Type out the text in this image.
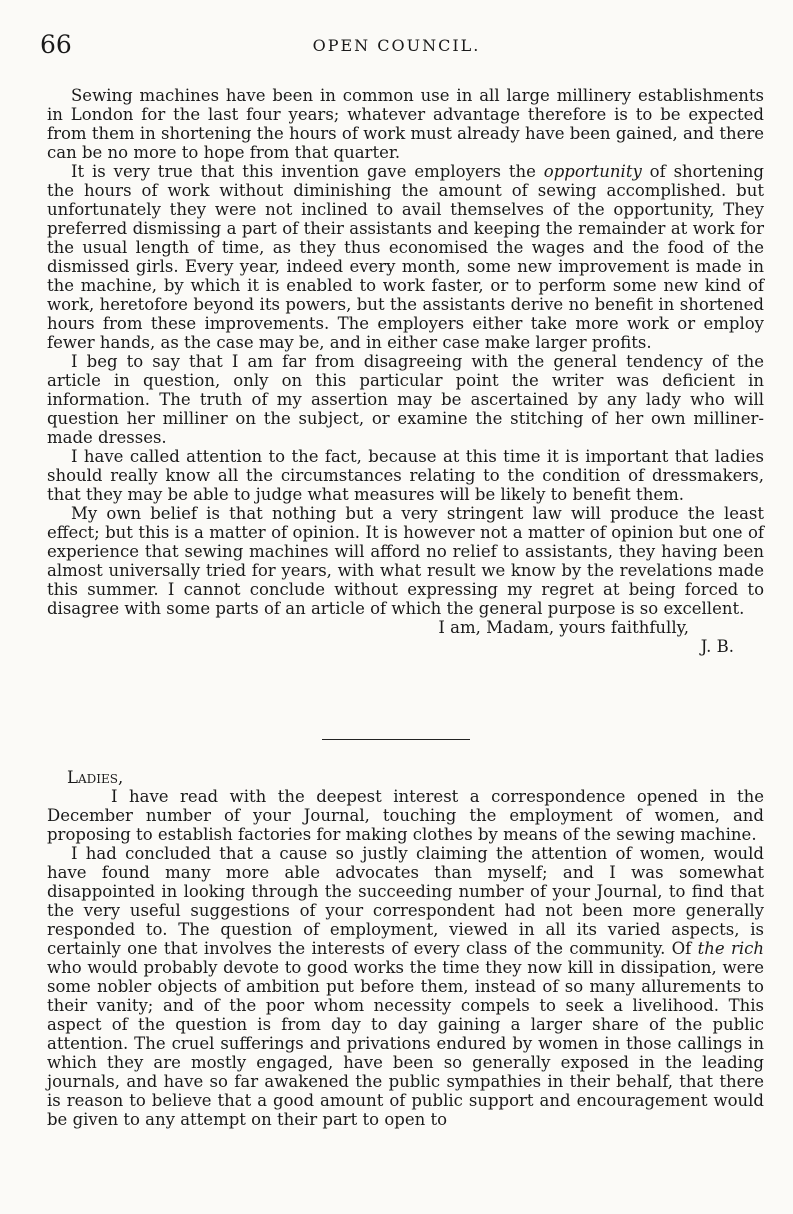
66	OPEN COUNCIL.

Sewing machines have been in common use in all large millinery establishments in London for the last four years; whatever advantage therefore is to be expected from them in shortening the hours of work must already have been gained, and there can be no more to hope from that quarter.

It is very true that this invention gave employers the opportunity of shortening the hours of work without diminishing the amount of sewing accomplished. but unfortunately they were not inclined to avail themselves of the opportunity, They preferred dismissing a part of their assistants and keeping the remainder at work for the usual length of time, as they thus economised the wages and the food of the dismissed girls. Every year, indeed every month, some new improvement is made in the machine, by which it is enabled to work faster, or to perform some new kind of work, heretofore beyond its powers, but the assistants derive no benefit in shortened hours from these improvements. The employers either take more work or employ fewer hands, as the case may be, and in either case make larger profits.

I beg to say that I am far from disagreeing with the general tendency of the article in question, only on this particular point the writer was deficient in information. The truth of my assertion may be ascertained by any lady who will question her milliner on the subject, or examine the stitching of her own milliner-made dresses.

I have called attention to the fact, because at this time it is important that ladies should really know all the circumstances relating to the condition of dressmakers, that they may be able to judge what measures will be likely to benefit them.

My own belief is that nothing but a very stringent law will produce the least effect; but this is a matter of opinion. It is however not a matter of opinion but one of experience that sewing machines will afford no relief to assistants, they having been almost universally tried for years, with what result we know by the revelations made this summer. I cannot conclude without expressing my regret at being forced to disagree with some parts of an article of which the general purpose is so excellent.

I am, Madam, yours faithfully,

J. B.

Ladies,

I have read with the deepest interest a correspondence opened in the December number of your Journal, touching the employment of women, and proposing to establish factories for making clothes by means of the sewing machine.

I had concluded that a cause so justly claiming the attention of women, would have found many more able advocates than myself; and I was somewhat disappointed in looking through the succeeding number of your Journal, to find that the very useful suggestions of your correspondent had not been more generally responded to. The question of employment, viewed in all its varied aspects, is certainly one that involves the interests of every class of the community. Of the rich who would probably devote to good works the time they now kill in dissipation, were some nobler objects of ambition put before them, instead of so many allurements to their vanity; and of the poor whom necessity compels to seek a livelihood. This aspect of the question is from day to day gaining a larger share of the public attention. The cruel sufferings and privations endured by women in those callings in which they are mostly engaged, have been so generally exposed in the leading journals, and have so far awakened the public sympathies in their behalf, that there is reason to believe that a good amount of public support and encouragement would be given to any attempt on their part to open to
